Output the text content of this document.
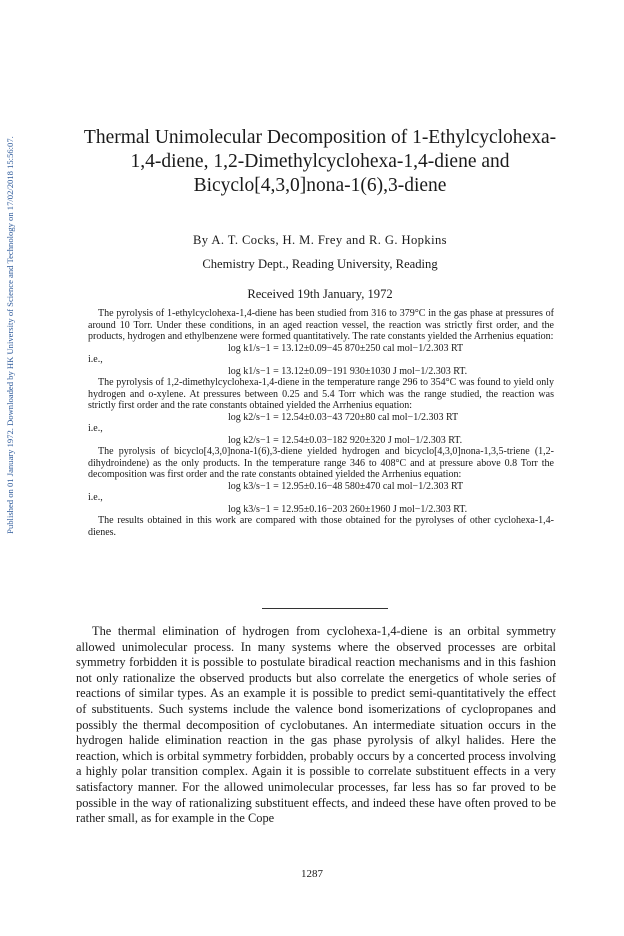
Published on 01 January 1972. Downloaded by HK University of Science and Technology on 17/02/2018 15:56:07.	Thermal Unimolecular Decomposition of 1-Ethylcyclohexa-
1,4-diene, 1,2-Dimethylcyclohexa-1,4-diene and
Bicyclo[4,3,0]nona-1(6),3-diene
By A. T. Cocks, H. M. Frey and R. G. Hopkins
Chemistry Dept., Reading University, Reading
Received 19th January, 1972

The pyrolysis of 1-ethylcyclohexa-1,4-diene has been studied from 316 to 379°C in the gas phase at pressures of around 10 Torr. Under these conditions, in an aged reaction vessel, the reaction was strictly first order, and the products, hydrogen and ethylbenzene were formed quantitatively. The rate constants yielded the Arrhenius equation:

log k1/s−1 = 13.12±0.09−45 870±250 cal mol−1/2.303 RT

i.e.,

log k1/s−1 = 13.12±0.09−191 930±1030 J mol−1/2.303 RT.

The pyrolysis of 1,2-dimethylcyclohexa-1,4-diene in the temperature range 296 to 354°C was found to yield only hydrogen and o-xylene. At pressures between 0.25 and 5.4 Torr which was the range studied, the reaction was strictly first order and the rate constants obtained yielded the Arrhenius equation:

log k2/s−1 = 12.54±0.03−43 720±80 cal mol−1/2.303 RT

i.e.,

log k2/s−1 = 12.54±0.03−182 920±320 J mol−1/2.303 RT.

The pyrolysis of bicyclo[4,3,0]nona-1(6),3-diene yielded hydrogen and bicyclo[4,3,0]nona-1,3,5-triene (1,2-dihydroindene) as the only products. In the temperature range 346 to 408°C and at pressure above 0.8 Torr the decomposition was first order and the rate constants obtained yielded the Arrhenius equation:

log k3/s−1 = 12.95±0.16−48 580±470 cal mol−1/2.303 RT

i.e.,

log k3/s−1 = 12.95±0.16−203 260±1960 J mol−1/2.303 RT.

The results obtained in this work are compared with those obtained for the pyrolyses of other cyclohexa-1,4-dienes.

The thermal elimination of hydrogen from cyclohexa-1,4-diene is an orbital symmetry allowed unimolecular process. In many systems where the observed processes are orbital symmetry forbidden it is possible to postulate biradical reaction mechanisms and in this fashion not only rationalize the observed products but also correlate the energetics of whole series of reactions of similar types. As an example it is possible to predict semi-quantitatively the effect of substituents. Such systems include the valence bond isomerizations of cyclopropanes and possibly the thermal decomposition of cyclobutanes. An intermediate situation occurs in the hydrogen halide elimination reaction in the gas phase pyrolysis of alkyl halides. Here the reaction, which is orbital symmetry forbidden, probably occurs by a concerted process involving a highly polar transition complex. Again it is possible to correlate substituent effects in a very satisfactory manner. For the allowed unimolecular processes, far less has so far proved to be possible in the way of rationalizing substituent effects, and indeed these have often proved to be rather small, as for example in the Cope

1287
